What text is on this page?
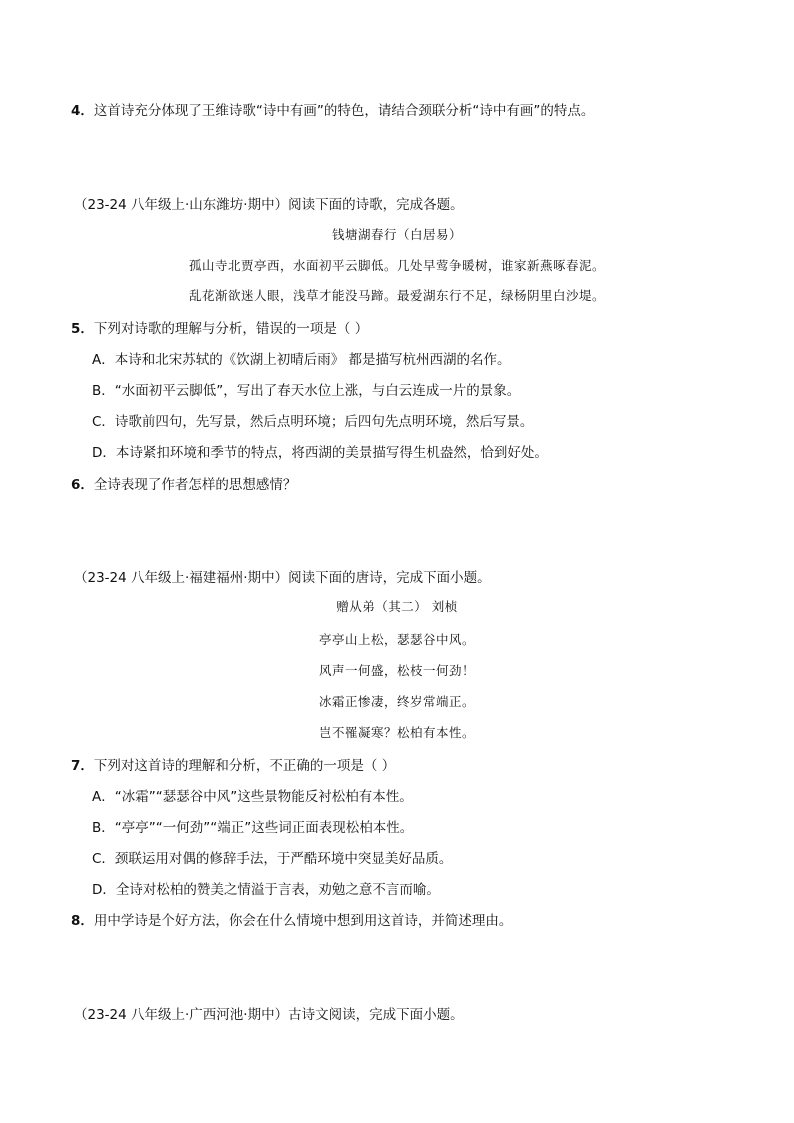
4．这首诗充分体现了王维诗歌“诗中有画”的特色，请结合颈联分析“诗中有画”的特点。
（23-24 八年级上·山东潍坊·期中）阅读下面的诗歌，完成各题。
钱塘湖春行（白居易）
孤山寺北贾亭西，水面初平云脚低。几处早莺争暖树，谁家新燕啄春泥。
乱花渐欲迷人眼，浅草才能没马蹄。最爱湖东行不足，绿杨阴里白沙堤。
5．下列对诗歌的理解与分析，错误的一项是（ ）
A．本诗和北宋苏轼的《饮湖上初晴后雨》 都是描写杭州西湖的名作。
B．“水面初平云脚低”，写出了春天水位上涨，与白云连成一片的景象。
C．诗歌前四句，先写景，然后点明环境；后四句先点明环境，然后写景。
D．本诗紧扣环境和季节的特点，将西湖的美景描写得生机盎然，恰到好处。
6．全诗表现了作者怎样的思想感情？
（23-24 八年级上·福建福州·期中）阅读下面的唐诗，完成下面小题。
赠从弟（其二） 刘桢
亭亭山上松，瑟瑟谷中风。
风声一何盛，松枝一何劲！
冰霜正惨凄，终岁常端正。
岂不罹凝寒？松柏有本性。
7．下列对这首诗的理解和分析，不正确的一项是（ ）
A．“冰霜”“瑟瑟谷中风”这些景物能反衬松柏有本性。
B．“亭亭”“一何劲”“端正”这些词正面表现松柏本性。
C．颈联运用对偶的修辞手法，于严酷环境中突显美好品质。
D．全诗对松柏的赞美之情溢于言表，劝勉之意不言而喻。
8．用中学诗是个好方法，你会在什么情境中想到用这首诗，并简述理由。
（23-24 八年级上·广西河池·期中）古诗文阅读，完成下面小题。
